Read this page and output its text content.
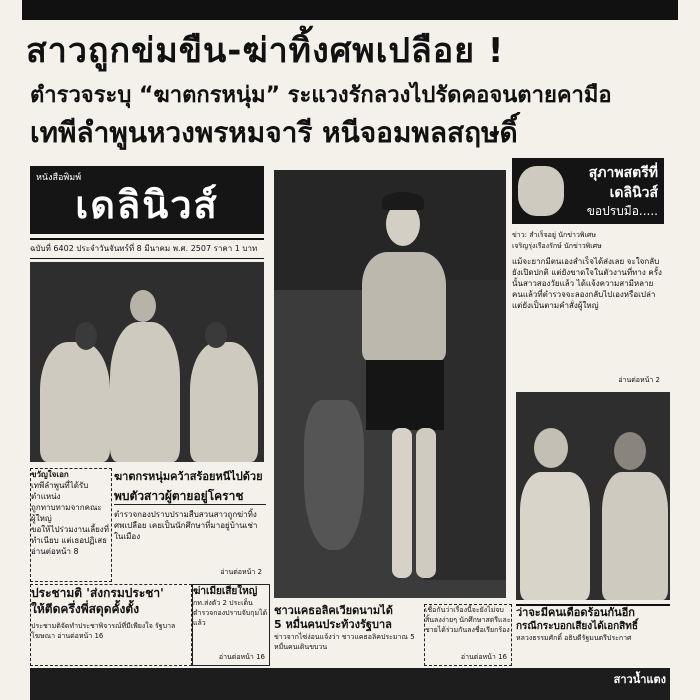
สาวถูกข่มขืน-ฆ่าทิ้งศพเปลือย !
ตำรวจระบุ “ฆาตกรหนุ่ม” ระแวงรักลวงไปรัดคอจนตายคามือ
เทพีลำพูนหวงพรหมจารี หนีจอมพลสฤษดิ์
หนังสือพิมพ์
เดลินิวส์
ฉบับที่ 6402 ประจำวันจันทร์ที่ 8 มีนาคม พ.ศ. 2507 ราคา 1 บาท
สุภาพสตรีที่
เดลินิวส์
ขอปรบมือ.....
ข่าว: สำเร็จอยู่ นักข่าวพิเศษ
เจริญรุ่งเรืองรักษ์ นักข่าวพิเศษ
แม้จะยากมีตนเองสำเร็จได้ส่งเลย จะใจกลับยังเปิดปกติ แต่ยังขาดใจในตัวงานที่ทาง ครั้งนั้นสาวสองวัยแล้ว ได้แจ้งความสามีหลายคนแล้วที่ตำรวจจะลองกลับไปเองหรือเปล่าแต่ยังเป็นตามคำสั่งผู้ใหญ่
อ่านต่อหน้า 2
ขวัญใจเอก
เทพีลำพูนที่ได้รับตำแหน่ง
ถูกทาบทามจากคณะผู้ใหญ่
ขอให้ไปร่วมงานเลี้ยงที่
ทำเนียบ แต่เธอปฏิเสธ
อ่านต่อหน้า 8
ฆาตกรหนุ่มคว้าสร้อยหนีไปด้วย
พบตัวสาวผู้ตายอยู่โคราช
ตำรวจกองปราบปรามสืบสวนสาวถูกฆ่าทิ้งศพเปลือย เคยเป็นนักศึกษาที่มาอยู่บ้านเช่าในเมือง
อ่านต่อหน้า 2
ประชามติ 'ส่งกรมประชา'
ให้ตีดครึ่งพี่สดุดคั้งตั้ง
ประชามติจัดทำประชาพิจารณ์ที่มีเพียงใจ รัฐบาลโฆษณา อ่านต่อหน้า 16
ฆ่าเมียเสี่ยใหญ่
กท.ส่งตัว 2 ประเด็น ตำรวจกองปราบจับกุมได้แล้ว
อ่านต่อหน้า 16
ชาวแคธอลิคเวียดนามได้
5 หมื่นคนประท้วงรัฐบาล
ข่าวจากไซ่ง่อนแจ้งว่า ชาวแคธอลิคประมาณ 5 หมื่นคนเดินขบวน
เชื่อกันว่าเรื่องนี้จะยังไม่จบสิ้นลงง่ายๆ นักศึกษาสตรีและชายได้ร่วมกันลงชื่อเรียกร้อง
อ่านต่อหน้า 16
ว่าจะมีคนเดือดร้อนกันอีก
กรณีกระบอกเสียงได้เอกสิทธิ์
หลวงธรรมศักดิ์ อธิบดีรัฐมนตรีประกาศ
สาวน้ำแตง
